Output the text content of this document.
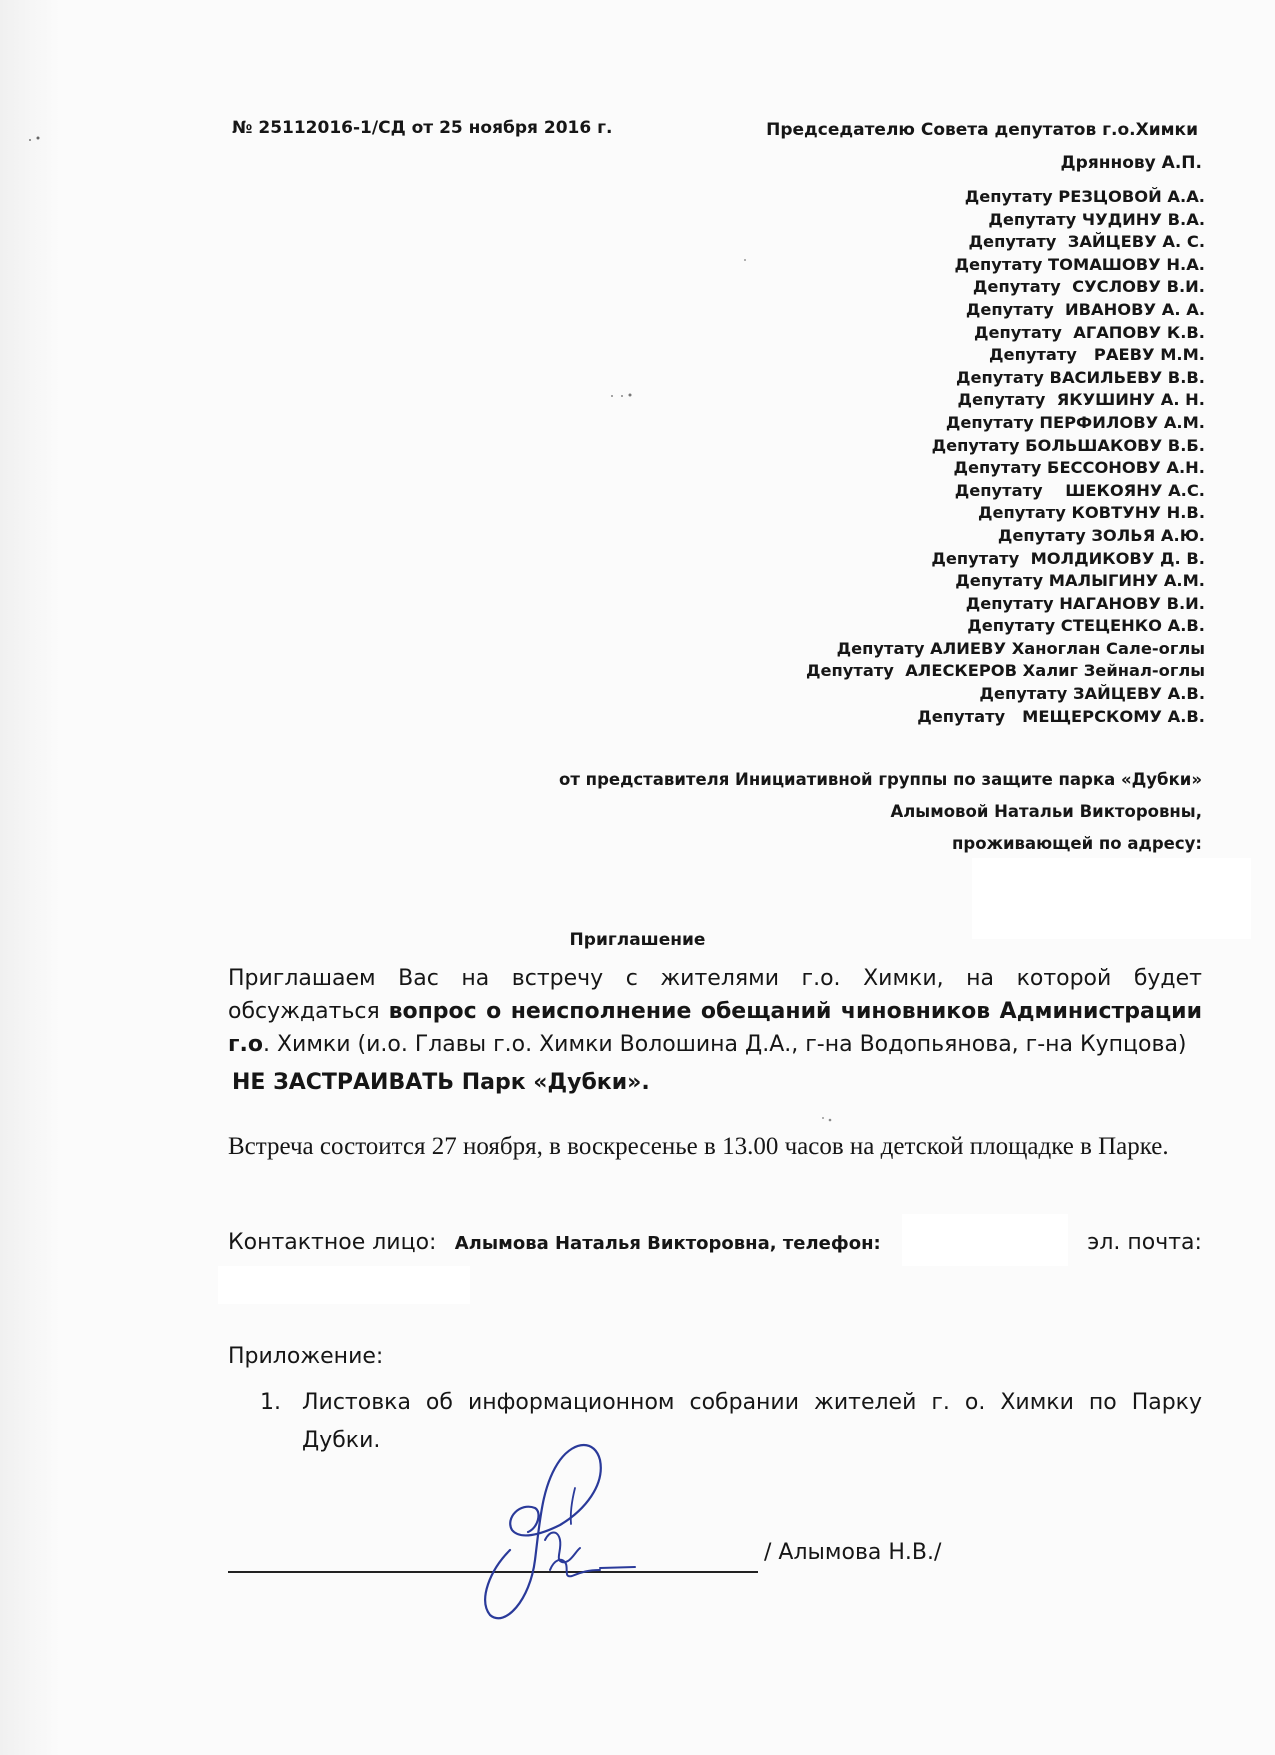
№ 25112016-1/СД от 25 ноября 2016 г.	Председателю Совета депутатов г.о.Химки
Дряннову А.П.
Депутату РЕЗЦОВОЙ А.А.
Депутату ЧУДИНУ В.А.
Депутату  ЗАЙЦЕВУ А. С.
Депутату ТОМАШОВУ Н.А.
Депутату  СУСЛОВУ В.И.
Депутату  ИВАНОВУ А. А.
Депутату  АГАПОВУ К.В.
Депутату   РАЕВУ М.М.
Депутату ВАСИЛЬЕВУ В.В.
Депутату  ЯКУШИНУ А. Н.
Депутату ПЕРФИЛОВУ А.М.
Депутату БОЛЬШАКОВУ В.Б.
Депутату БЕССОНОВУ А.Н.
Депутату    ШЕКОЯНУ А.С.
Депутату КОВТУНУ Н.В.
Депутату ЗОЛЬЯ А.Ю.
Депутату  МОЛДИКОВУ Д. В.
Депутату МАЛЫГИНУ А.М.
Депутату НАГАНОВУ В.И.
Депутату СТЕЦЕНКО А.В.
Депутату АЛИЕВУ Ханоглан Сале-оглы
Депутату  АЛЕСКЕРОВ Халиг Зейнал-оглы
Депутату ЗАЙЦЕВУ А.В.
Депутату   МЕЩЕРСКОМУ А.В.
от представителя Инициативной группы по защите парка «Дубки»
Алымовой Натальи Викторовны,
проживающей по адресу:
Приглашение
Приглашаем Вас на встречу с жителями г.о. Химки, на которой будет обсуждаться вопрос о неисполнение обещаний чиновников Администрации г.о. Химки (и.о. Главы г.о. Химки Волошина Д.А., г-на Водопьянова, г-на Купцова)
НЕ ЗАСТРАИВАТЬ Парк «Дубки».
Встреча состоится 27 ноября, в воскресенье в 13.00 часов на детской площадке в Парке.
Контактное лицо: Алымова Наталья Викторовна, телефон:	эл. почта:
Приложение:
1. Листовка об информационном собрании жителей г. о. Химки по Парку Дубки.
/ Алымова Н.В./
